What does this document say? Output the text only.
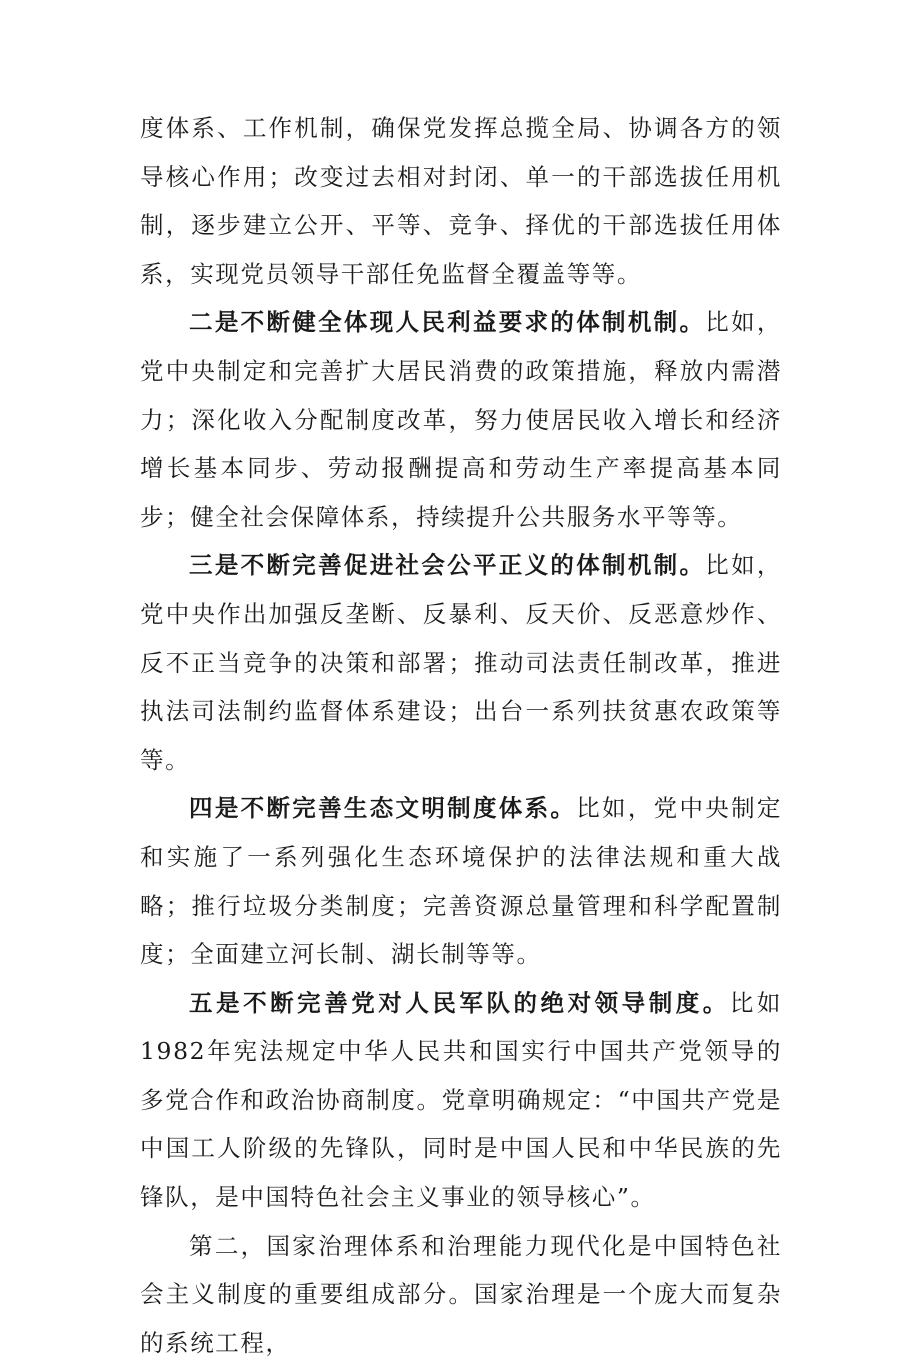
度体系、工作机制，确保党发挥总揽全局、协调各方的领导核心作用；改变过去相对封闭、单一的干部选拔任用机制，逐步建立公开、平等、竞争、择优的干部选拔任用体系，实现党员领导干部任免监督全覆盖等等。

二是不断健全体现人民利益要求的体制机制。比如，党中央制定和完善扩大居民消费的政策措施，释放内需潜力；深化收入分配制度改革，努力使居民收入增长和经济增长基本同步、劳动报酬提高和劳动生产率提高基本同步；健全社会保障体系，持续提升公共服务水平等等。

三是不断完善促进社会公平正义的体制机制。比如，党中央作出加强反垄断、反暴利、反天价、反恶意炒作、反不正当竞争的决策和部署；推动司法责任制改革，推进执法司法制约监督体系建设；出台一系列扶贫惠农政策等等。

四是不断完善生态文明制度体系。比如，党中央制定和实施了一系列强化生态环境保护的法律法规和重大战略；推行垃圾分类制度；完善资源总量管理和科学配置制度；全面建立河长制、湖长制等等。

五是不断完善党对人民军队的绝对领导制度。比如1982年宪法规定中华人民共和国实行中国共产党领导的多党合作和政治协商制度。党章明确规定：“中国共产党是中国工人阶级的先锋队，同时是中国人民和中华民族的先锋队，是中国特色社会主义事业的领导核心”。

第二，国家治理体系和治理能力现代化是中国特色社会主义制度的重要组成部分。国家治理是一个庞大而复杂的系统工程，
